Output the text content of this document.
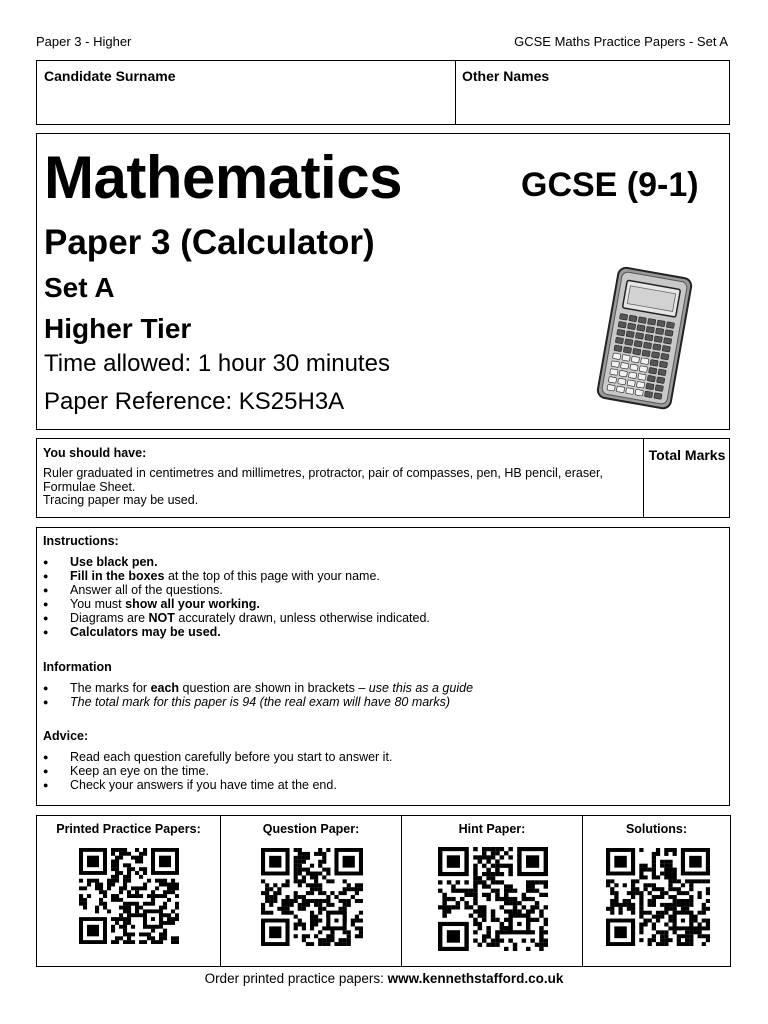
Paper 3 - Higher	GCSE Maths Practice Papers - Set A
Candidate Surname	Other Names
Mathematics	GCSE (9-1)
Paper 3 (Calculator)
Set A
Higher Tier
Time allowed: 1 hour 30 minutes
Paper Reference: KS25H3A
You should have:
Ruler graduated in centimetres and millimetres, protractor, pair of compasses, pen, HB pencil, eraser, Formulae Sheet.
Tracing paper may be used.
Total Marks
Instructions:
● Use black pen.
● Fill in the boxes at the top of this page with your name.
● Answer all of the questions.
● You must show all your working.
● Diagrams are NOT accurately drawn, unless otherwise indicated.
● Calculators may be used.
Information
● The marks for each question are shown in brackets – use this as a guide
● The total mark for this paper is 94 (the real exam will have 80 marks)
Advice:
● Read each question carefully before you start to answer it.
● Keep an eye on the time.
● Check your answers if you have time at the end.
Printed Practice Papers:	Question Paper:	Hint Paper:	Solutions:
Order printed practice papers: www.kennethstafford.co.uk
